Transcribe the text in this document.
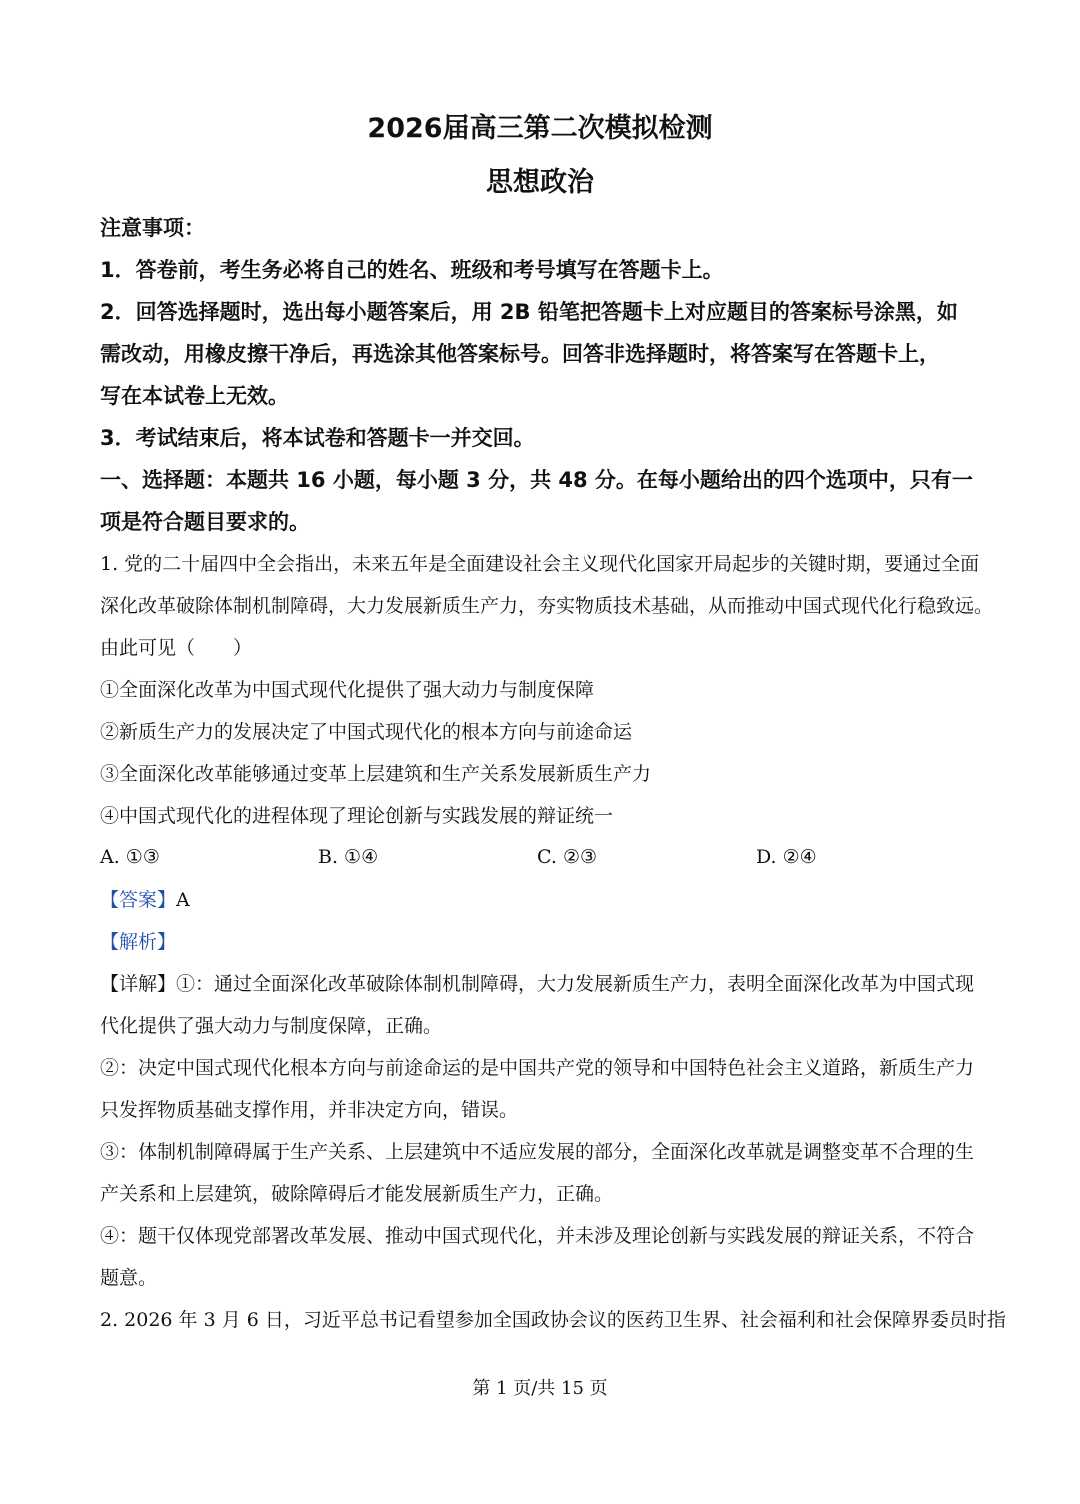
2026届高三第二次模拟检测
思想政治
注意事项：
1．答卷前，考生务必将自己的姓名、班级和考号填写在答题卡上。
2．回答选择题时，选出每小题答案后，用 2B 铅笔把答题卡上对应题目的答案标号涂黑，如
需改动，用橡皮擦干净后，再选涂其他答案标号。回答非选择题时，将答案写在答题卡上，
写在本试卷上无效。
3．考试结束后，将本试卷和答题卡一并交回。
一、选择题：本题共 16 小题，每小题 3 分，共 48 分。在每小题给出的四个选项中，只有一
项是符合题目要求的。
1. 党的二十届四中全会指出，未来五年是全面建设社会主义现代化国家开局起步的关键时期，要通过全面
深化改革破除体制机制障碍，大力发展新质生产力，夯实物质技术基础，从而推动中国式现代化行稳致远。
由此可见（　　）
①全面深化改革为中国式现代化提供了强大动力与制度保障
②新质生产力的发展决定了中国式现代化的根本方向与前途命运
③全面深化改革能够通过变革上层建筑和生产关系发展新质生产力
④中国式现代化的进程体现了理论创新与实践发展的辩证统一
A. ①③	B. ①④	C. ②③	D. ②④
【答案】A
【解析】
【详解】①：通过全面深化改革破除体制机制障碍，大力发展新质生产力，表明全面深化改革为中国式现
代化提供了强大动力与制度保障，正确。
②：决定中国式现代化根本方向与前途命运的是中国共产党的领导和中国特色社会主义道路，新质生产力
只发挥物质基础支撑作用，并非决定方向，错误。
③：体制机制障碍属于生产关系、上层建筑中不适应发展的部分，全面深化改革就是调整变革不合理的生
产关系和上层建筑，破除障碍后才能发展新质生产力，正确。
④：题干仅体现党部署改革发展、推动中国式现代化，并未涉及理论创新与实践发展的辩证关系，不符合
题意。
2. 2026 年 3 月 6 日，习近平总书记看望参加全国政协会议的医药卫生界、社会福利和社会保障界委员时指
第 1 页/共 15 页
